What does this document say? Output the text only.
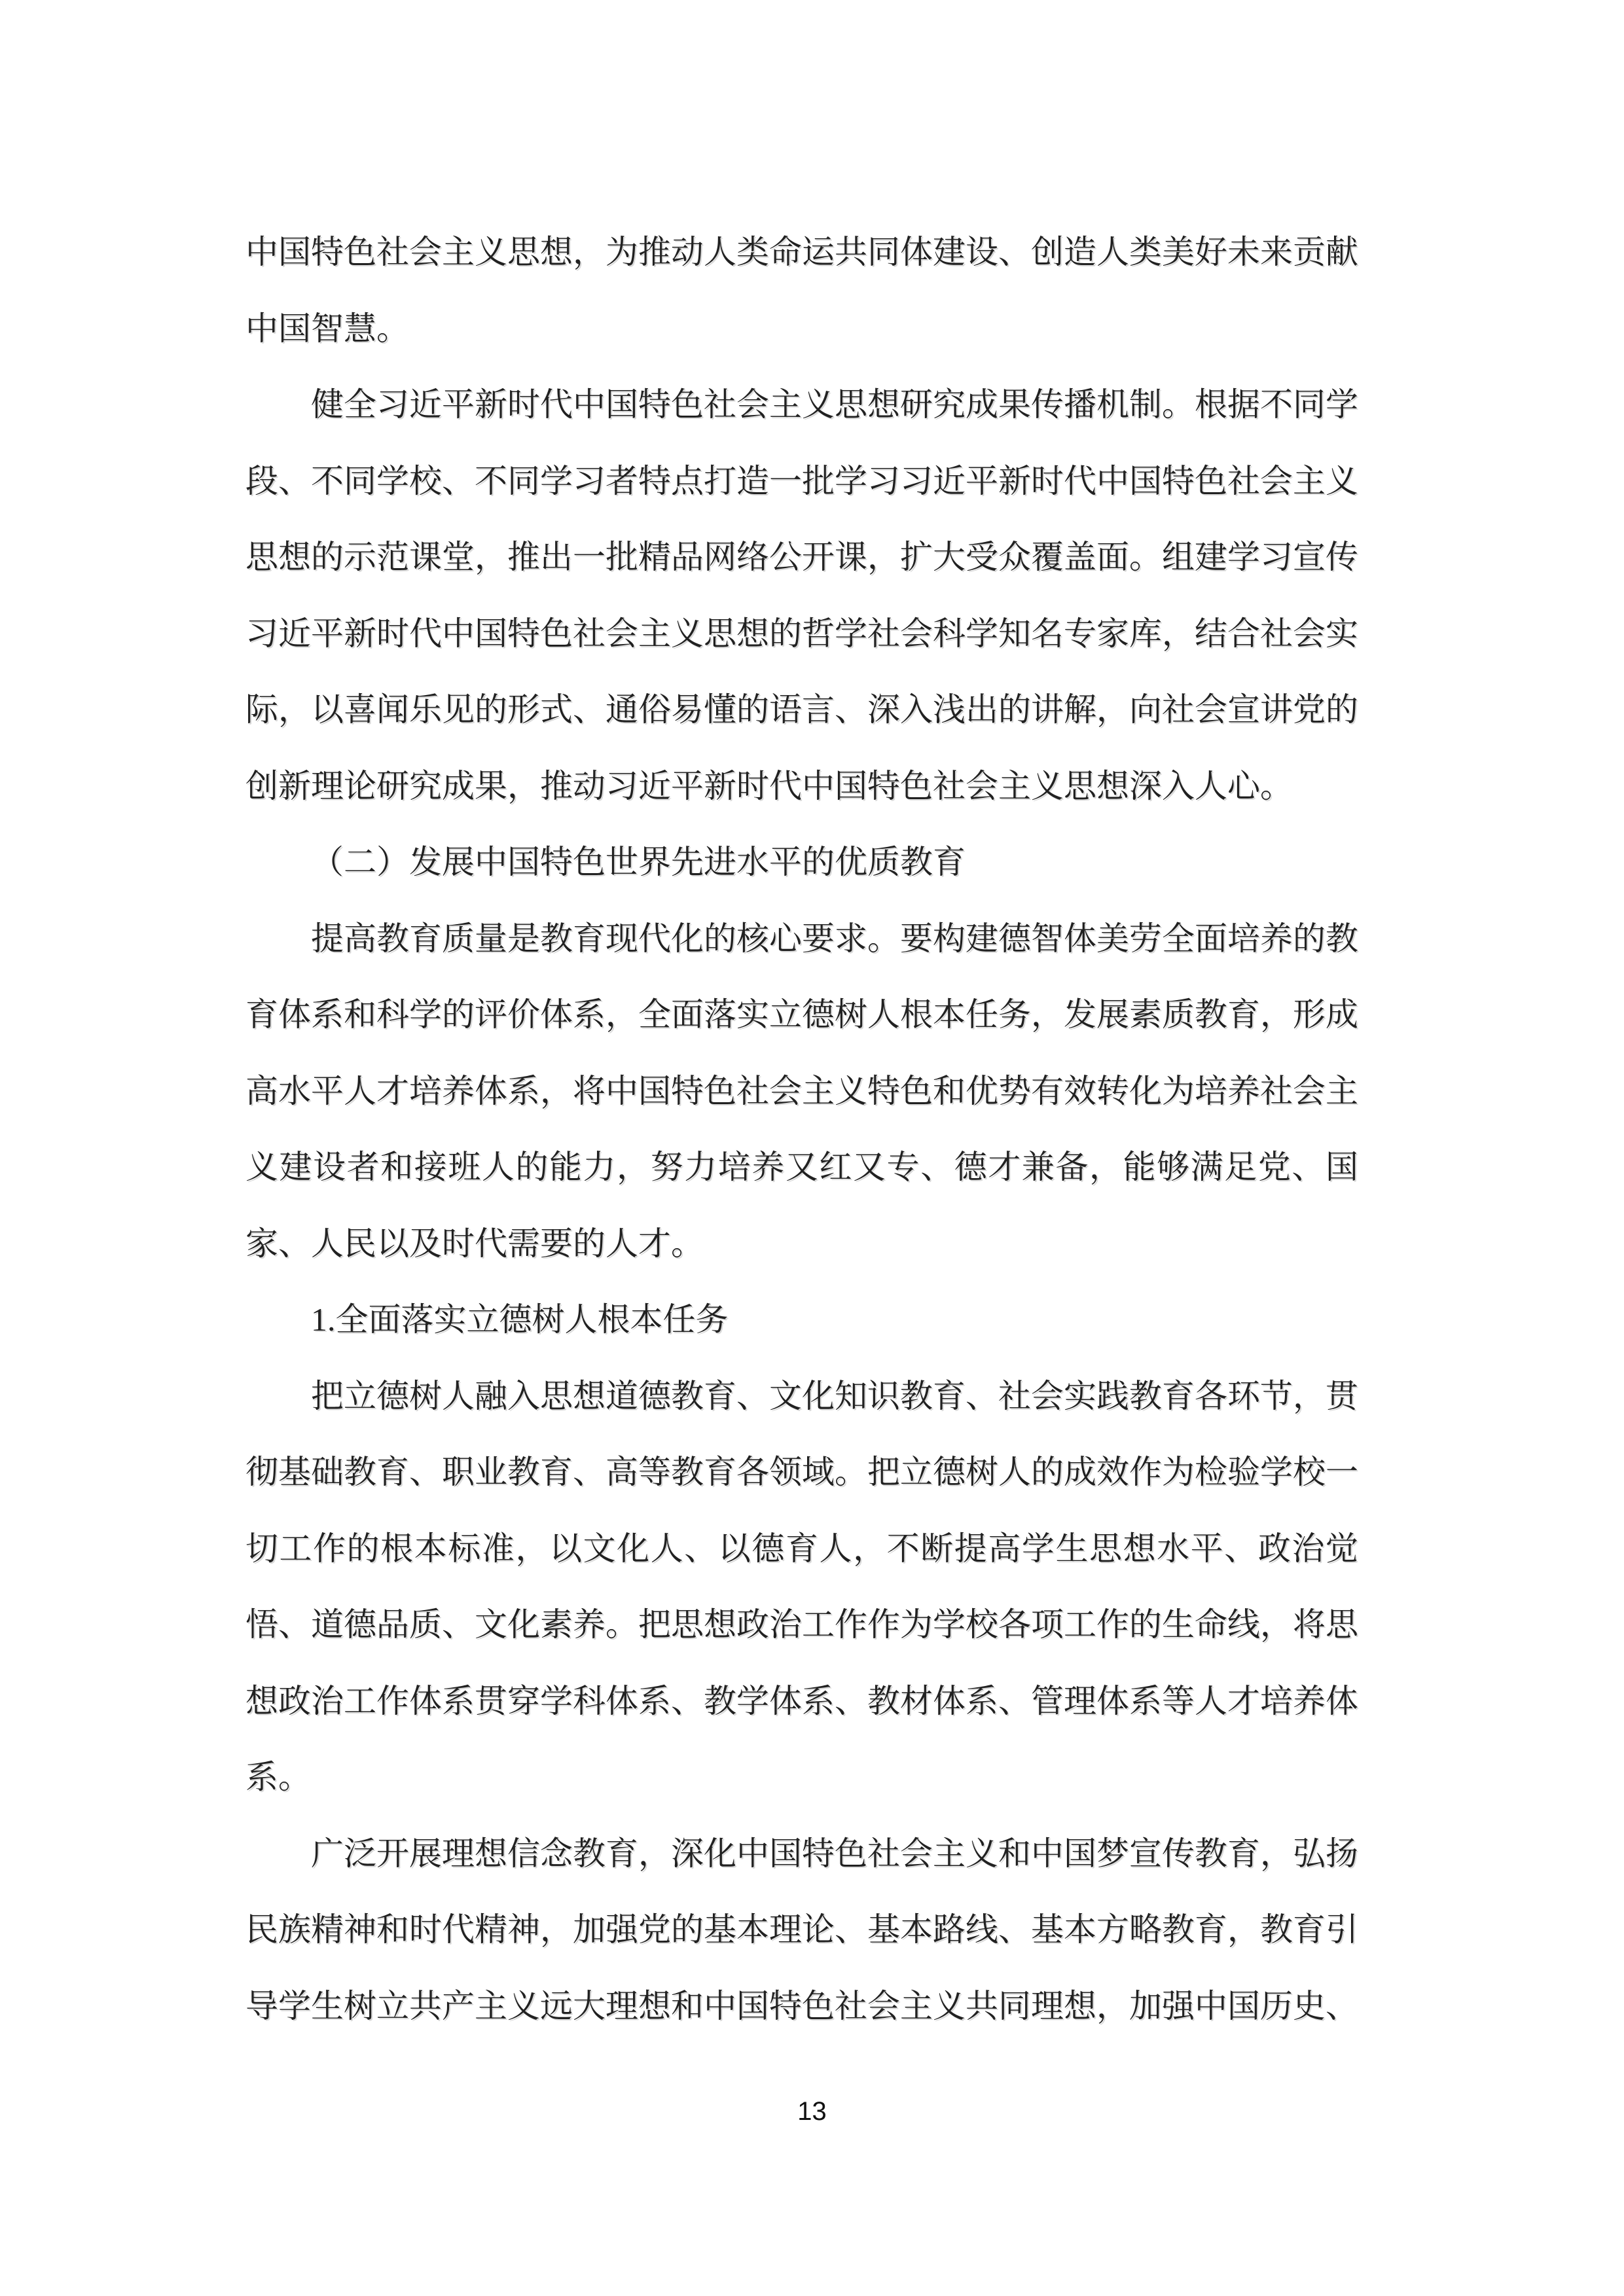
中国特色社会主义思想，为推动人类命运共同体建设、创造人类美好未来贡献
中国智慧。
健全习近平新时代中国特色社会主义思想研究成果传播机制。根据不同学
段、不同学校、不同学习者特点打造一批学习习近平新时代中国特色社会主义
思想的示范课堂，推出一批精品网络公开课，扩大受众覆盖面。组建学习宣传
习近平新时代中国特色社会主义思想的哲学社会科学知名专家库，结合社会实
际，以喜闻乐见的形式、通俗易懂的语言、深入浅出的讲解，向社会宣讲党的
创新理论研究成果，推动习近平新时代中国特色社会主义思想深入人心。
（二）发展中国特色世界先进水平的优质教育
提高教育质量是教育现代化的核心要求。要构建德智体美劳全面培养的教
育体系和科学的评价体系，全面落实立德树人根本任务，发展素质教育，形成
高水平人才培养体系，将中国特色社会主义特色和优势有效转化为培养社会主
义建设者和接班人的能力，努力培养又红又专、德才兼备，能够满足党、国
家、人民以及时代需要的人才。
1.全面落实立德树人根本任务
把立德树人融入思想道德教育、文化知识教育、社会实践教育各环节，贯
彻基础教育、职业教育、高等教育各领域。把立德树人的成效作为检验学校一
切工作的根本标准，以文化人、以德育人，不断提高学生思想水平、政治觉
悟、道德品质、文化素养。把思想政治工作作为学校各项工作的生命线，将思
想政治工作体系贯穿学科体系、教学体系、教材体系、管理体系等人才培养体
系。
广泛开展理想信念教育，深化中国特色社会主义和中国梦宣传教育，弘扬
民族精神和时代精神，加强党的基本理论、基本路线、基本方略教育，教育引
导学生树立共产主义远大理想和中国特色社会主义共同理想，加强中国历史、
13
